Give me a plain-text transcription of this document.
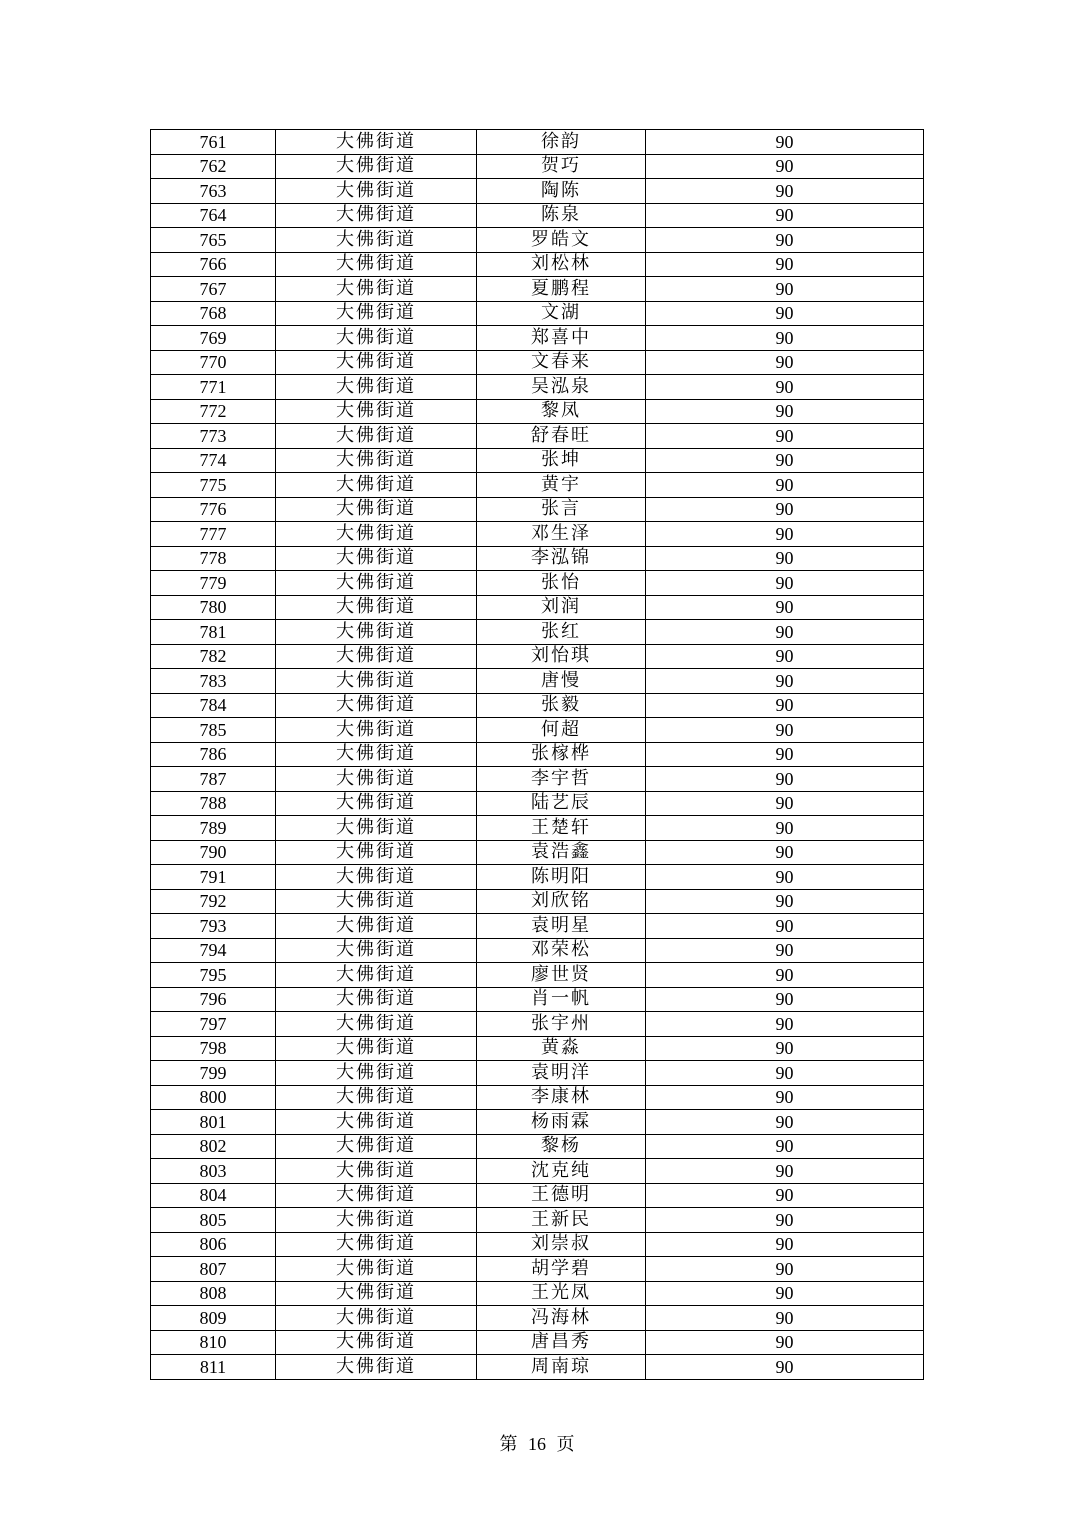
761	大佛街道	徐韵	90
762	大佛街道	贺巧	90
763	大佛街道	陶陈	90
764	大佛街道	陈泉	90
765	大佛街道	罗皓文	90
766	大佛街道	刘松林	90
767	大佛街道	夏鹏程	90
768	大佛街道	文湖	90
769	大佛街道	郑喜中	90
770	大佛街道	文春来	90
771	大佛街道	吴泓泉	90
772	大佛街道	黎凤	90
773	大佛街道	舒春旺	90
774	大佛街道	张坤	90
775	大佛街道	黄宇	90
776	大佛街道	张言	90
777	大佛街道	邓生泽	90
778	大佛街道	李泓锦	90
779	大佛街道	张怡	90
780	大佛街道	刘润	90
781	大佛街道	张红	90
782	大佛街道	刘怡琪	90
783	大佛街道	唐慢	90
784	大佛街道	张毅	90
785	大佛街道	何超	90
786	大佛街道	张榢桦	90
787	大佛街道	李宇哲	90
788	大佛街道	陆艺辰	90
789	大佛街道	王楚轩	90
790	大佛街道	袁浩鑫	90
791	大佛街道	陈明阳	90
792	大佛街道	刘欣铭	90
793	大佛街道	袁明星	90
794	大佛街道	邓荣松	90
795	大佛街道	廖世贤	90
796	大佛街道	肖一帆	90
797	大佛街道	张宇州	90
798	大佛街道	黄淼	90
799	大佛街道	袁明洋	90
800	大佛街道	李康林	90
801	大佛街道	杨雨霖	90
802	大佛街道	黎杨	90
803	大佛街道	沈克纯	90
804	大佛街道	王德明	90
805	大佛街道	王新民	90
806	大佛街道	刘崇叔	90
807	大佛街道	胡学碧	90
808	大佛街道	王光凤	90
809	大佛街道	冯海林	90
810	大佛街道	唐昌秀	90
811	大佛街道	周南琼	90
第 16 页
